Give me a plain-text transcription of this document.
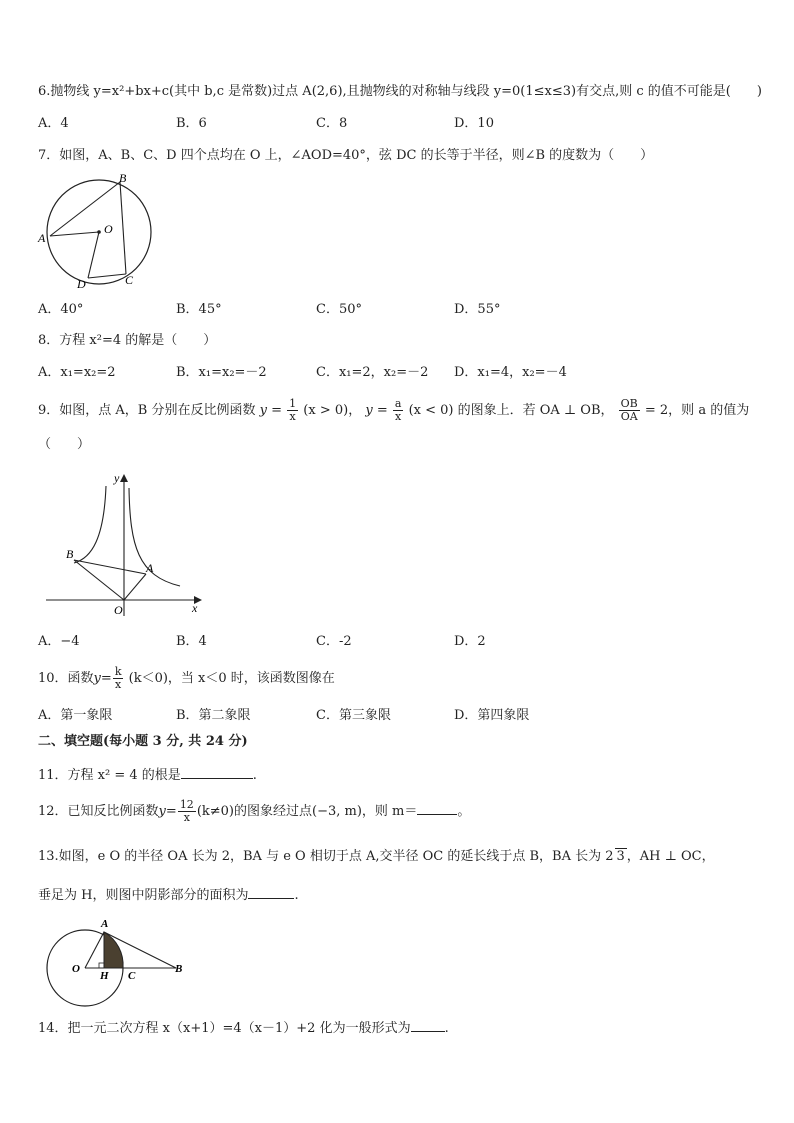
6.抛物线 y=x²+bx+c(其中 b,c 是常数)过点 A(2,6),且抛物线的对称轴与线段 y=0(1≤x≤3)有交点,则 c 的值不可能是(　　)
A．4	B．6	C．8	D．10
7．如图，A、B、C、D 四个点均在 O 上，∠AOD=40°，弦 DC 的长等于半径，则∠B 的度数为（　　）
A
B
C
D
O
A．40°	B．45°	C．50°	D．55°
8．方程 x²=4 的解是（　　）
A．x₁=x₂=2	B．x₁=x₂=－2	C．x₁=2，x₂=－2 D．x₁=4，x₂=－4
9．如图，点 A，B 分别在反比例函数 $y = \frac{1}{x} (x > 0)$， $y = \frac{a}{x} (x < 0)$ 的图象上．若 OA ⊥ OB， $\frac{OB}{OA} = 2$，则 a 的值为
（　　）
y
x
B
A
O
A．−4	B．4	C．-2	D．2
10．函数$y= \frac{k}{x} (k<0)$，当 x＜0 时，该函数图像在
A．第一象限	B．第二象限	C．第三象限	D．第四象限
二、填空题(每小题 3 分, 共 24 分)
11．方程 x² = 4 的根是	.
12．已知反比例函数$y= \frac{12}{x} (k\ne 0)$的图象经过点(−3, m)，则 m＝	。
13.如图，e O 的半径 OA 长为 2，BA 与 e O 相切于点 A,交半径 OC 的延长线于点 B，BA 长为 2 3 ，AH ⊥ OC，
垂足为 H，则图中阴影部分的面积为	.
A
O
H C
B
14．把一元二次方程 x（x+1）=4（x－1）+2 化为一般形式为	.
